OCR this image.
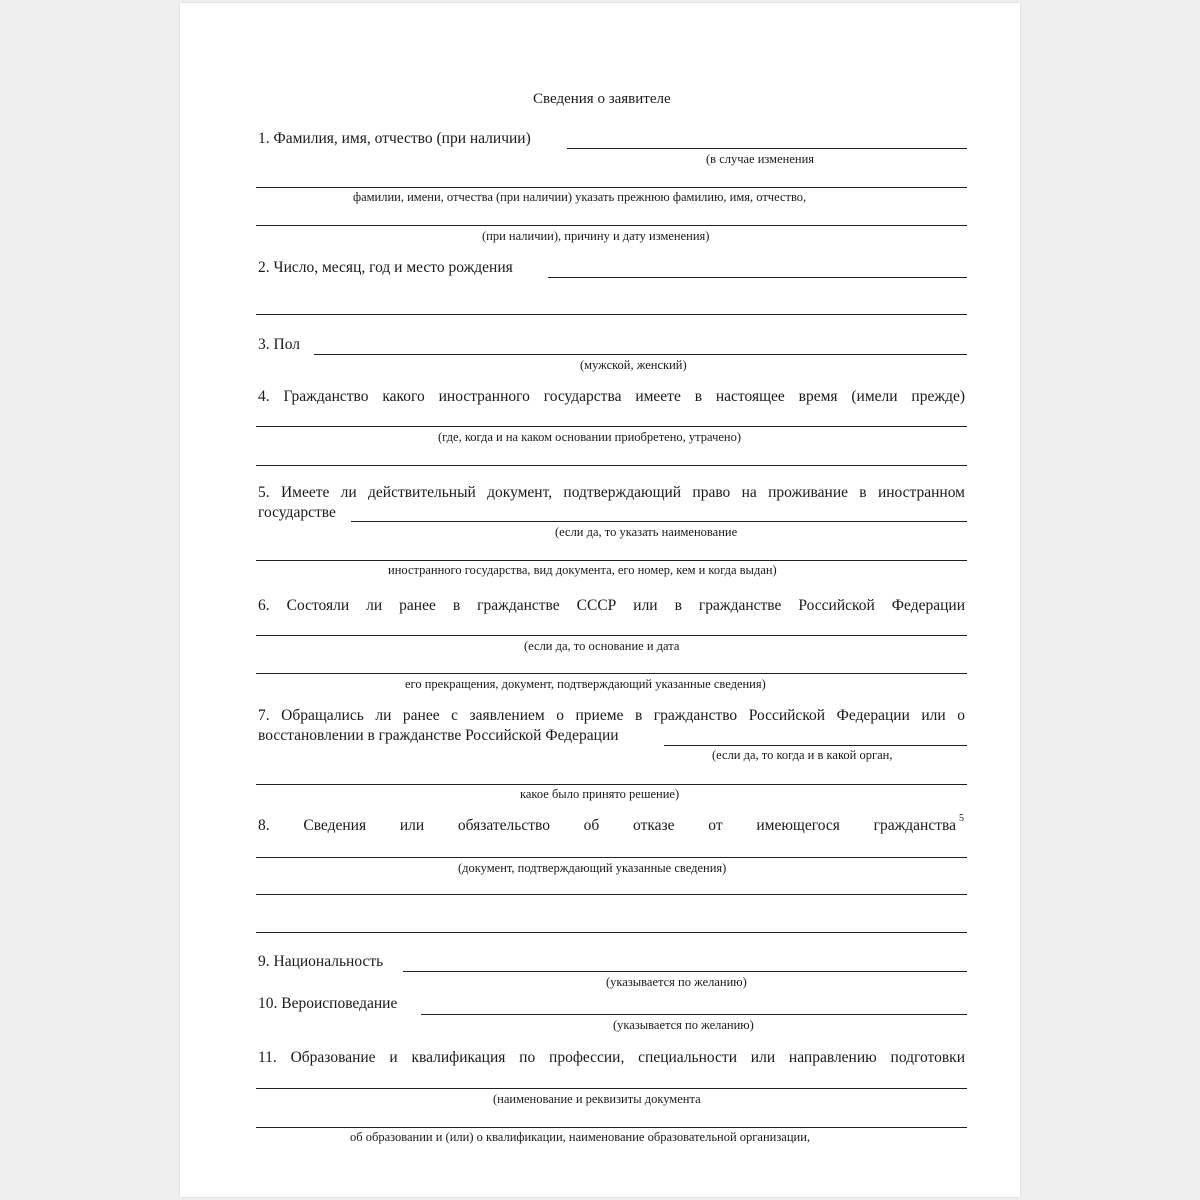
Сведения о заявителе
1. Фамилия, имя, отчество (при наличии)
(в случае изменения
фамилии, имени, отчества (при наличии) указать прежнюю фамилию, имя, отчество,
(при наличии), причину и дату изменения)
2. Число, месяц, год и место рождения
3. Пол
(мужской, женский)
4. Гражданство какого иностранного государства имеете в настоящее время (имели прежде)
(где, когда и на каком основании приобретено, утрачено)
5. Имеете ли действительный документ, подтверждающий право на проживание в иностранном
государстве
(если да, то указать наименование
иностранного государства, вид документа, его номер, кем и когда выдан)
6. Состояли ли ранее в гражданстве СССР или в гражданстве Российской Федерации
(если да, то основание и дата
его прекращения, документ, подтверждающий указанные сведения)
7. Обращались ли ранее с заявлением о приеме в гражданство Российской Федерации или о
восстановлении в гражданстве Российской Федерации
(если да, то когда и в какой орган,
какое было принято решение)
8. Сведения или обязательство об отказе от имеющегося гражданства 5
(документ, подтверждающий указанные сведения)
9. Национальность
(указывается по желанию)
10. Вероисповедание
(указывается по желанию)
11. Образование и квалификация по профессии, специальности или направлению подготовки
(наименование и реквизиты документа
об образовании и (или) о квалификации, наименование образовательной организации,
